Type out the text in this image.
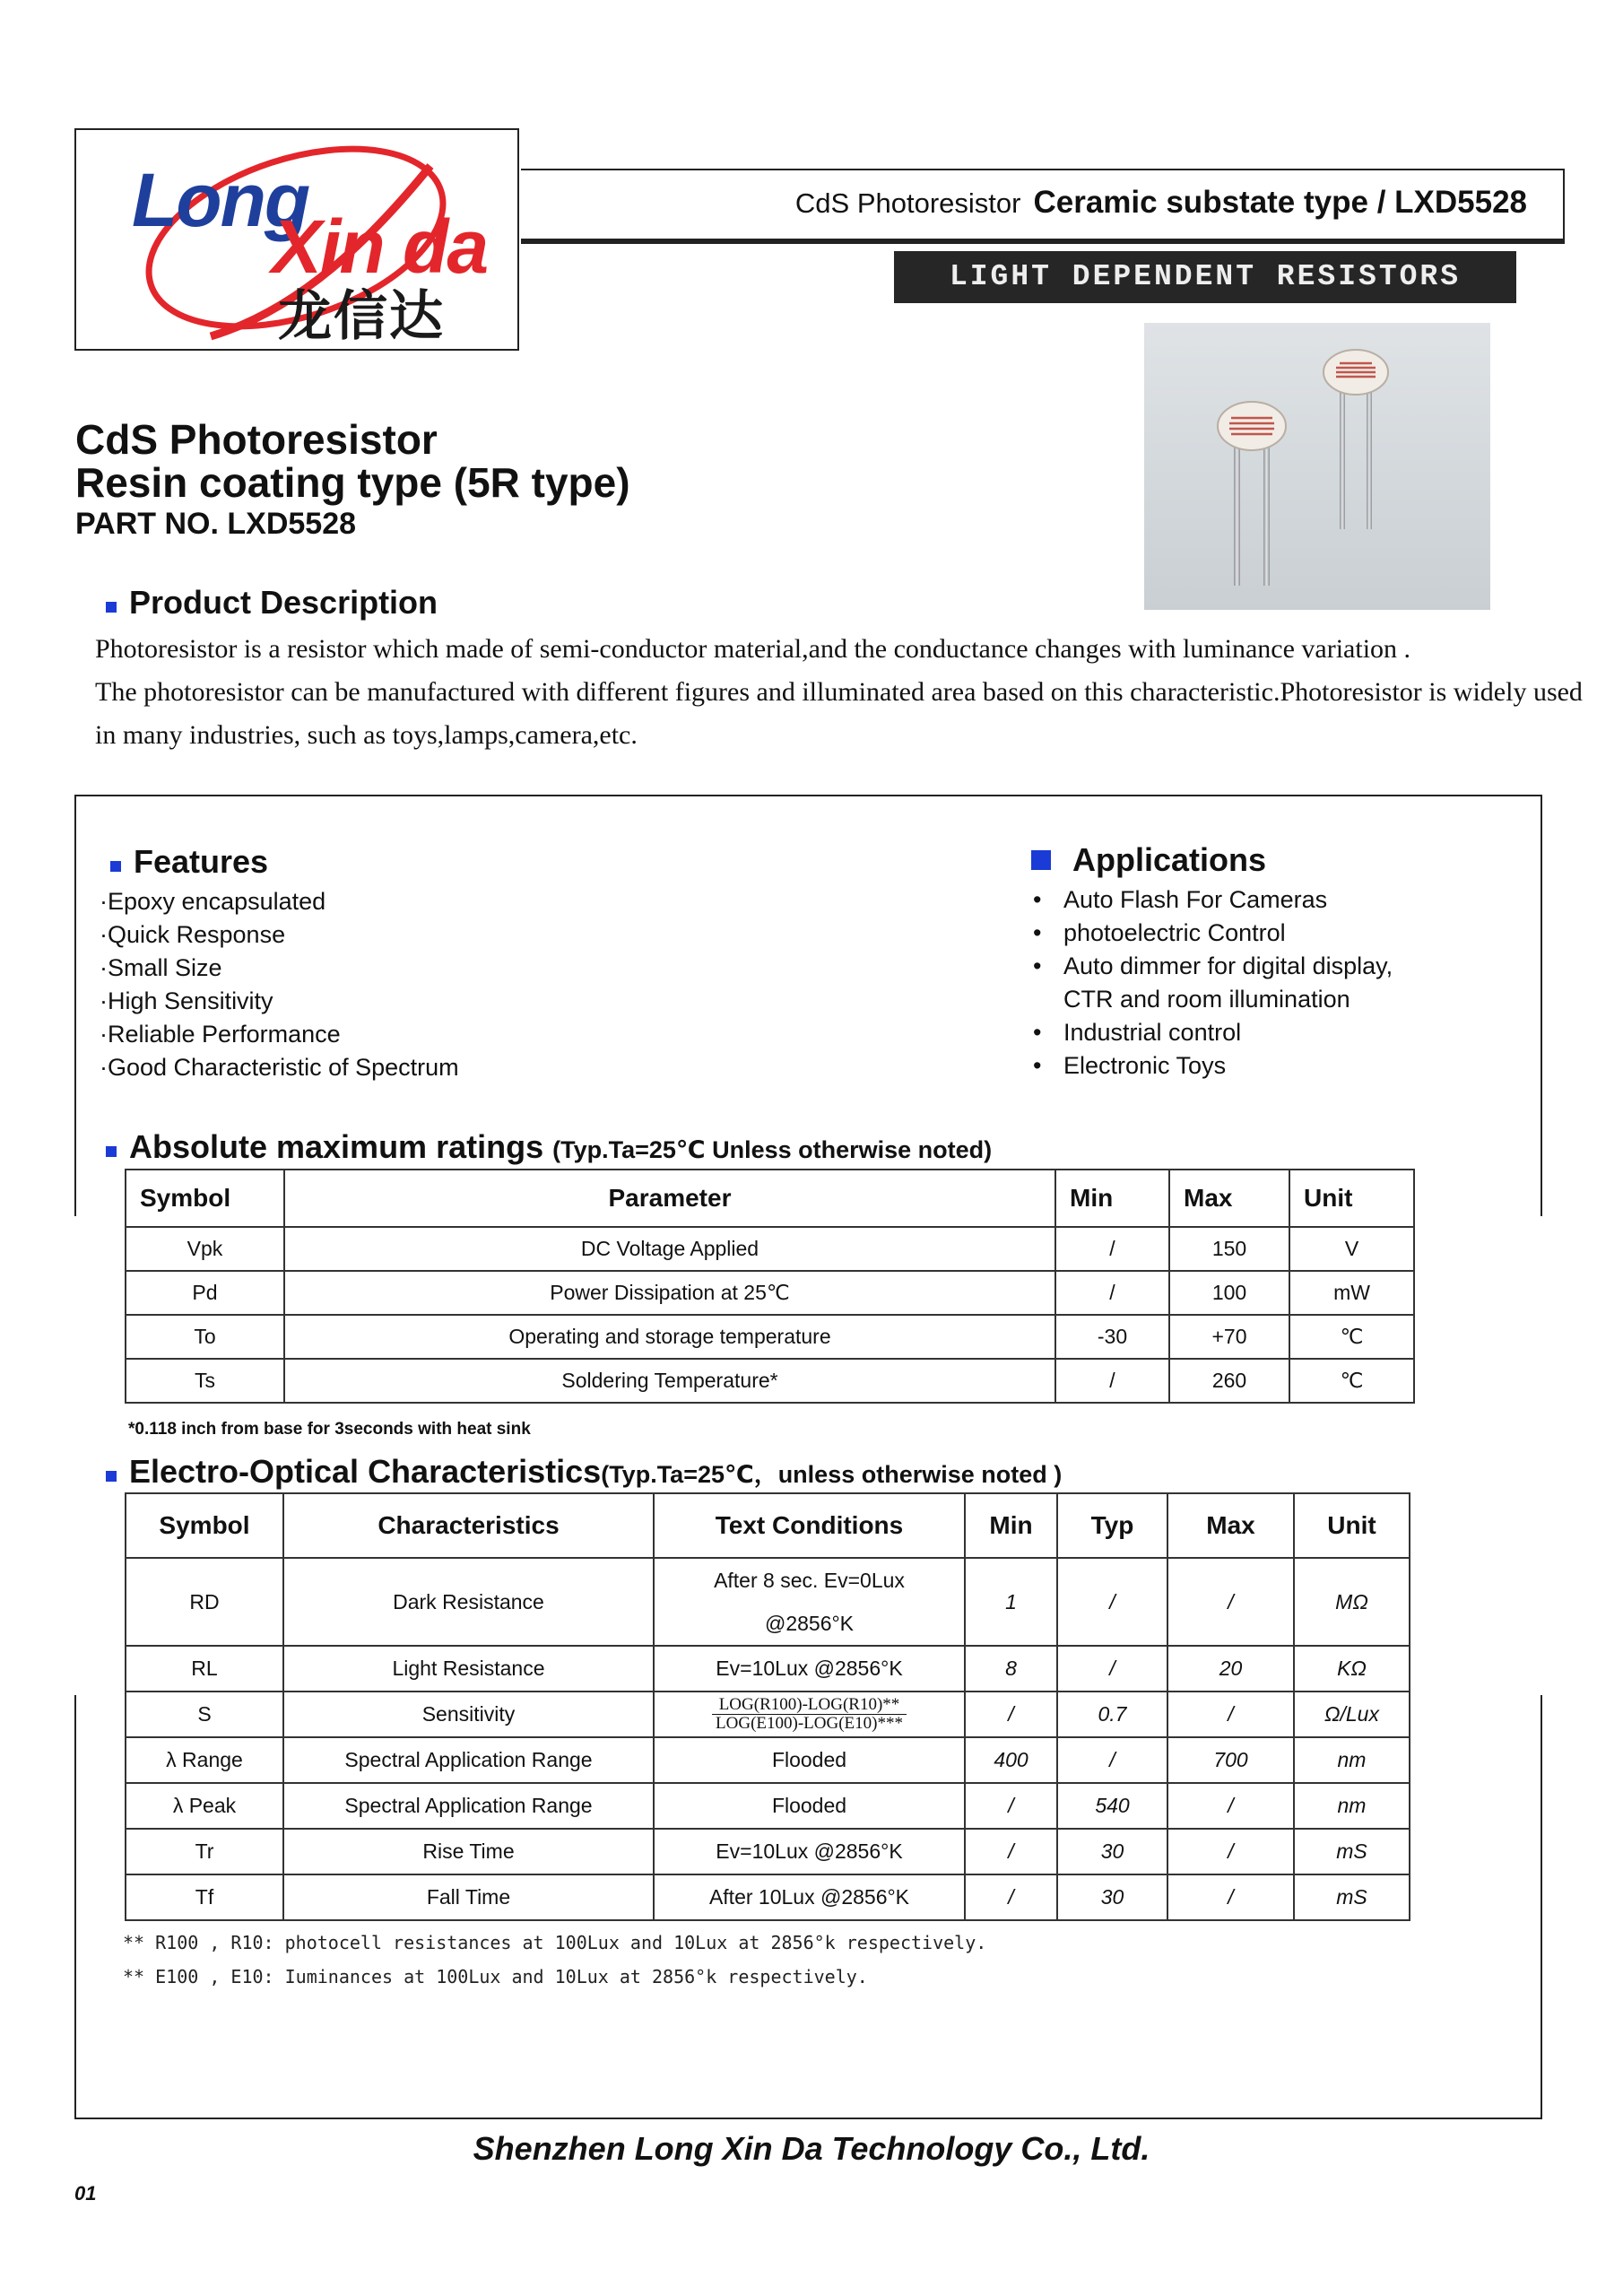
Long
Xin da
龙信达
CdS Photoresistor Ceramic substate type / LXD5528
LIGHT DEPENDENT RESISTORS
CdS Photoresistor
Resin coating type (5R type)
PART NO. LXD5528
Product Description

Photoresistor is a resistor which made of semi-conductor material,and the conductance changes with luminance variation .

The photoresistor can be manufactured with different figures and illuminated area based on this characteristic.Photoresistor is widely used in many industries, such as toys,lamps,camera,etc.

Features
·Epoxy encapsulated
·Quick Response
·Small Size
·High Sensitivity
·Reliable Performance
·Good Characteristic of Spectrum
Applications
• Auto Flash For Cameras
• photoelectric Control
• Auto dimmer for digital display,
CTR and room illumination
• Industrial control
• Electronic Toys
Absolute maximum ratings (Typ.Ta=25℃ Unless otherwise noted)
Symbol	Parameter	Min	Max	Unit
Vpk	DC Voltage Applied	/	150	V
Pd	Power Dissipation at 25℃	/	100	mW
To	Operating and storage temperature	-30	+70	℃
Ts	Soldering Temperature*	/	260	℃
*0.118 inch from base for 3seconds with heat sink
Electro-Optical Characteristics(Typ.Ta=25℃，unless otherwise noted )
Symbol	Characteristics	Text Conditions	Min	Typ	Max	Unit
RD	Dark Resistance	After 8 sec. Ev=0Lux
@2856°K	1	/	/	MΩ
RL	Light Resistance	Ev=10Lux @2856°K	8	/	20	KΩ
S	Sensitivity	$\frac{\text{LOG(R100)-LOG(R10)**}}{\text{LOG(E100)-LOG(E10)***}}$	/	0.7	/	Ω/Lux
λ Range	Spectral Application Range	Flooded	400	/	700	nm
λ Peak	Spectral Application Range	Flooded	/	540	/	nm
Tr	Rise Time	Ev=10Lux @2856°K	/	30	/	mS
Tf	Fall Time	After 10Lux @2856°K	/	30	/	mS

** R100 , R10: photocell resistances at 100Lux and 10Lux at 2856°k respectively.

** E100 , E10: Iuminances at 100Lux and 10Lux at 2856°k respectively.

Shenzhen Long Xin Da Technology Co., Ltd.
01
